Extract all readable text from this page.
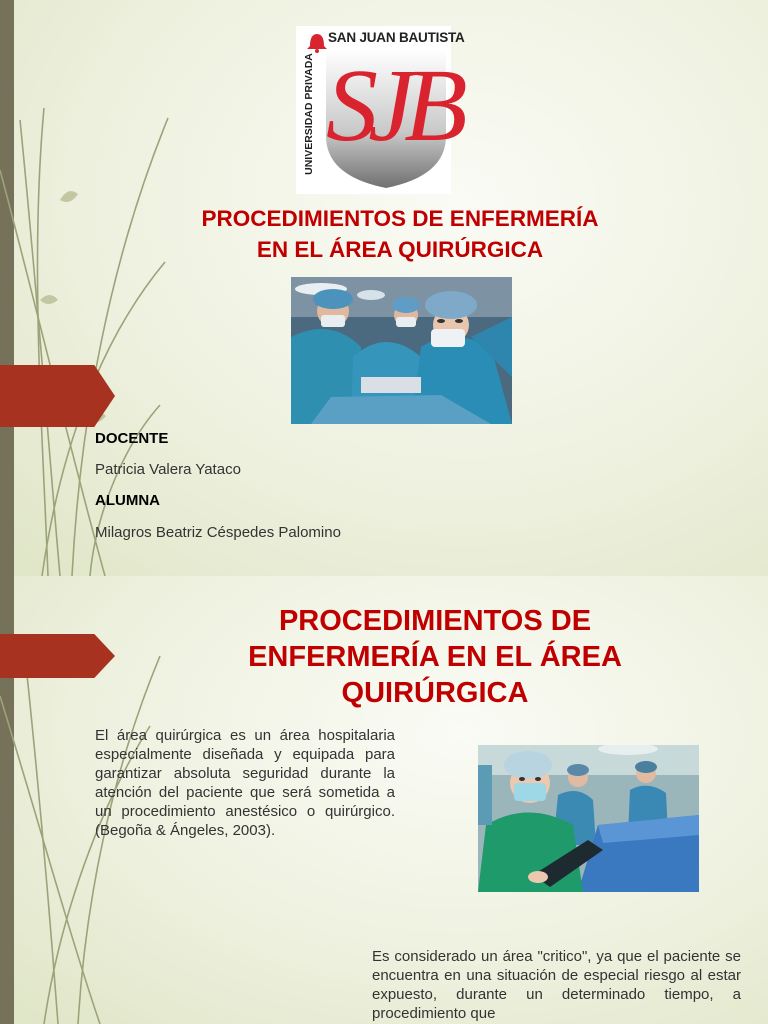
SAN JUAN BAUTISTA
UNIVERSIDAD PRIVADA SJB
PROCEDIMIENTOS DE ENFERMERÍA
EN EL ÁREA QUIRÚRGICA
DOCENTE
Patricia Valera Yataco
ALUMNA
Milagros Beatriz Céspedes Palomino
PROCEDIMIENTOS DE
ENFERMERÍA EN EL ÁREA
QUIRÚRGICA

El área quirúrgica es un área hospitalaria especialmente diseñada y equipada para garantizar absoluta seguridad durante la atención del paciente que será sometida a un procedimiento anestésico o quirúrgico. (Begoña & Ángeles, 2003).

Es considerado un área "critico", ya que el paciente se encuentra en una situación de especial riesgo al estar expuesto, durante un determinado tiempo, a procedimiento que
